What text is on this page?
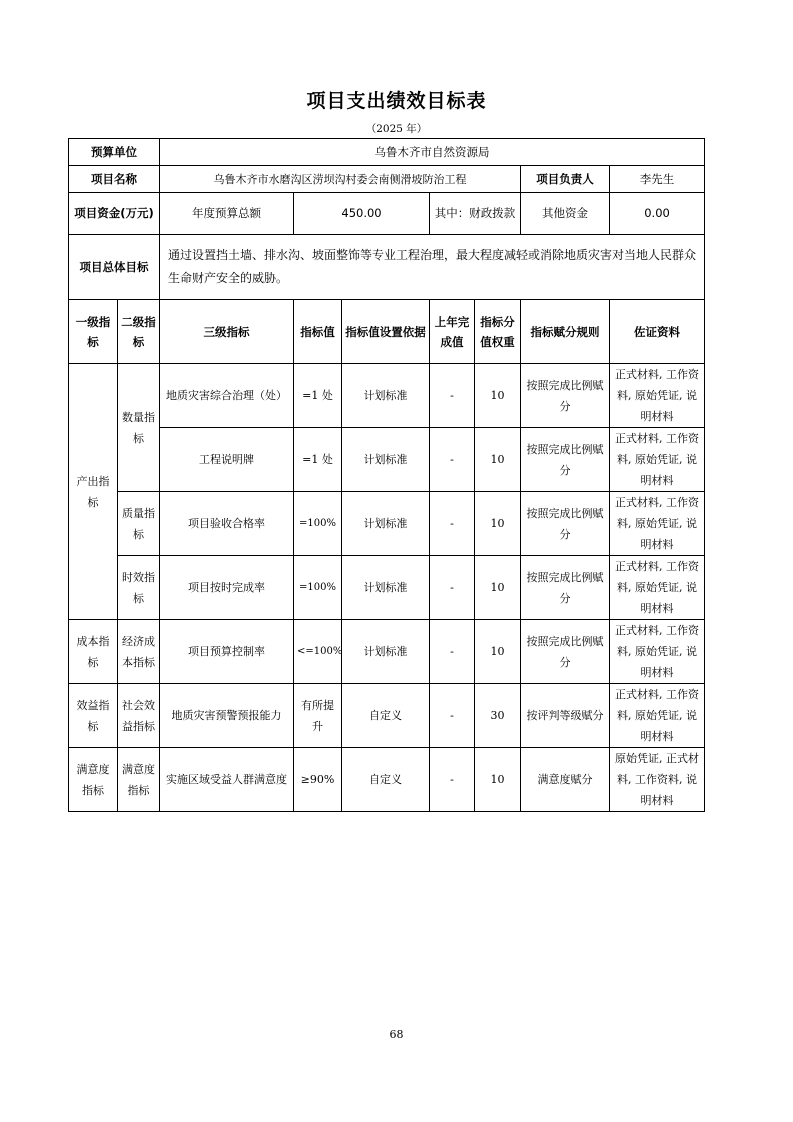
项目支出绩效目标表
（2025 年）
预算单位		乌鲁木齐市自然资源局						
项目名称		乌鲁木齐市水磨沟区涝坝沟村委会南侧滑坡防治工程					项目负责人	李先生
项目资金(万元)		年度预算总额	450.00		其中：财政拨款		其他资金	0.00
项目总体目标		通过设置挡土墙、排水沟、坡面整饰等专业工程治理，最大程度减轻或消除地质灾害对当地人民群众生命财产安全的威胁。						
一级指标	二级指标	三级指标	指标值	指标值设置依据	上年完成值	指标分值权重	指标赋分规则	佐证资料
产出指标	数量指标	地质灾害综合治理（处）	=1 处	计划标准	-	10	按照完成比例赋分	正式材料, 工作资料, 原始凭证, 说明材料
		工程说明牌	=1 处	计划标准	-	10	按照完成比例赋分	正式材料, 工作资料, 原始凭证, 说明材料
	质量指标	项目验收合格率	=100%	计划标准	-	10	按照完成比例赋分	正式材料, 工作资料, 原始凭证, 说明材料
	时效指标	项目按时完成率	=100%	计划标准	-	10	按照完成比例赋分	正式材料, 工作资料, 原始凭证, 说明材料
成本指标	经济成本指标	项目预算控制率	<=100%	计划标准	-	10	按照完成比例赋分	正式材料, 工作资料, 原始凭证, 说明材料
效益指标	社会效益指标	地质灾害预警预报能力	有所提升	自定义	-	30	按评判等级赋分	正式材料, 工作资料, 原始凭证, 说明材料
满意度指标	满意度指标	实施区域受益人群满意度	≥90%	自定义	-	10	满意度赋分	原始凭证, 正式材料, 工作资料, 说明材料
68
